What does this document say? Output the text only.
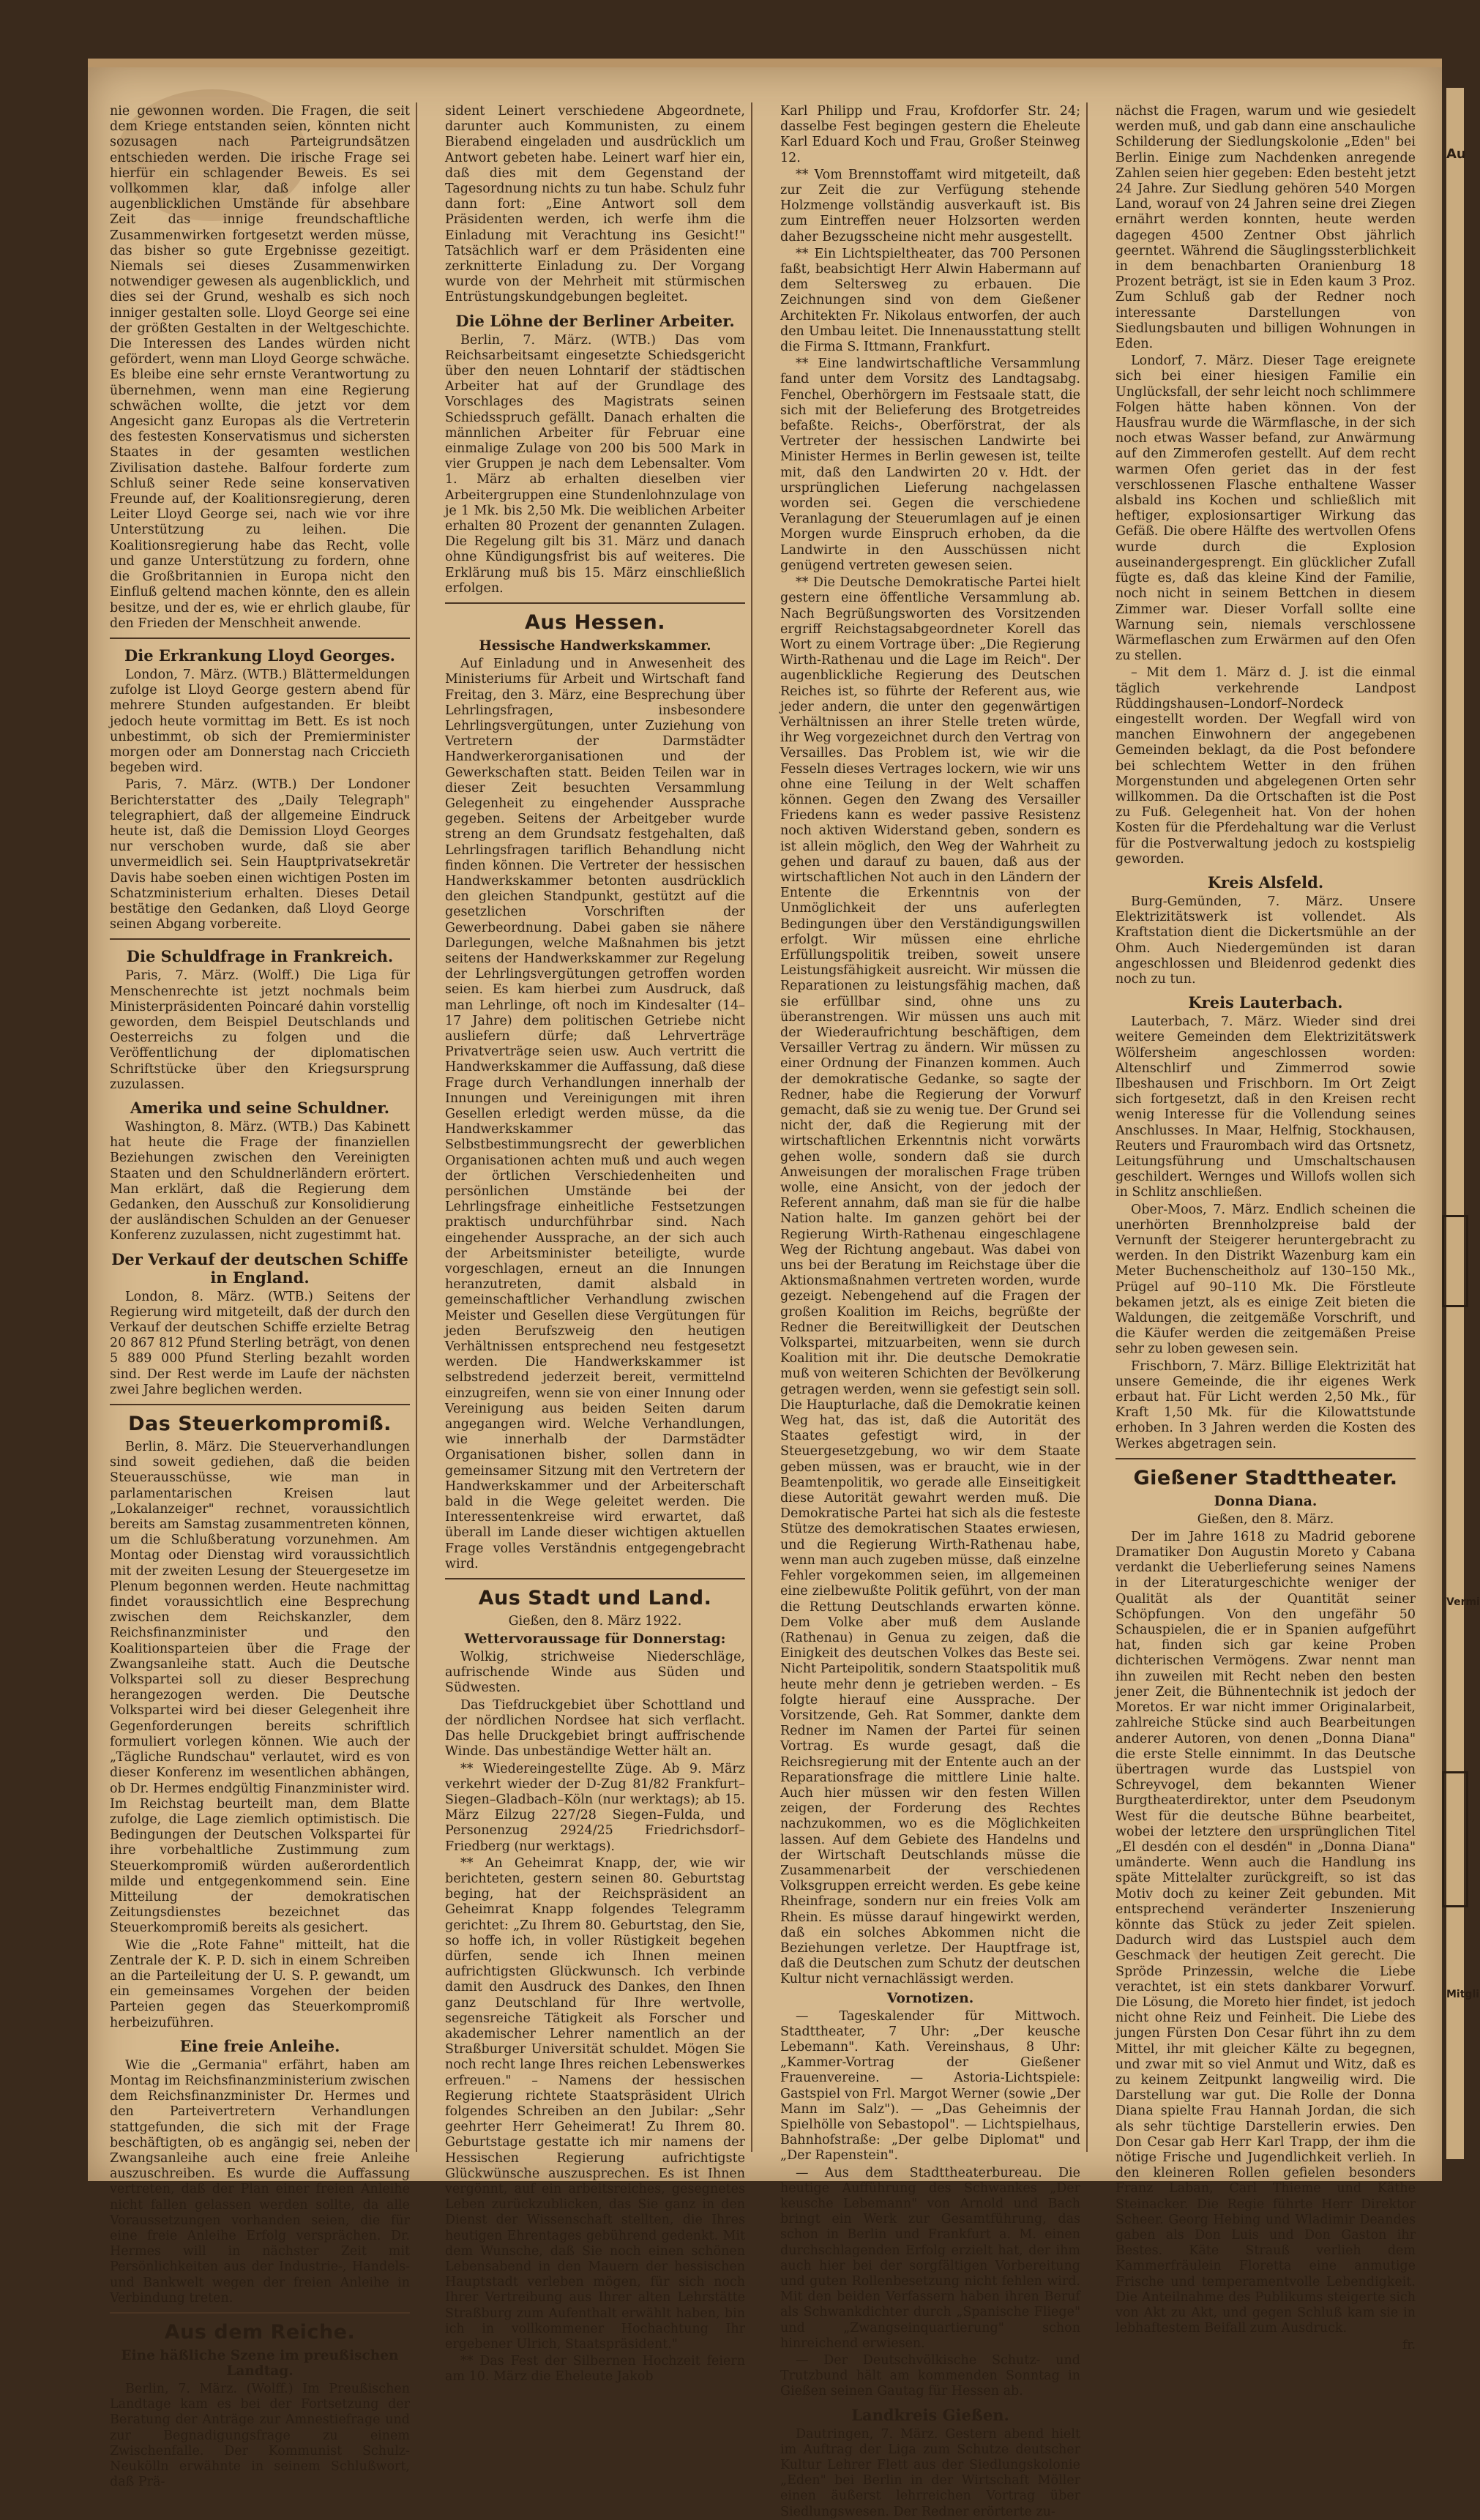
nie gewonnen worden. Die Fragen, die seit dem Kriege entstanden seien, könnten nicht sozusagen nach Parteigrundsätzen entschieden werden. Die irische Frage sei hierfür ein schlagender Beweis. Es sei vollkommen klar, daß infolge aller augenblicklichen Umstände für absehbare Zeit das innige freundschaftliche Zusammenwirken fortgesetzt werden müsse, das bisher so gute Ergebnisse gezeitigt. Niemals sei dieses Zusammenwirken notwendiger gewesen als augenblicklich, und dies sei der Grund, weshalb es sich noch inniger gestalten solle. Lloyd George sei eine der größten Gestalten in der Weltgeschichte. Die Interessen des Landes würden nicht gefördert, wenn man Lloyd George schwäche. Es bleibe eine sehr ernste Verantwortung zu übernehmen, wenn man eine Regierung schwächen wollte, die jetzt vor dem Angesicht ganz Europas als die Vertreterin des festesten Konservatismus und sichersten Staates in der gesamten westlichen Zivilisation dastehe. Balfour forderte zum Schluß seiner Rede seine konservativen Freunde auf, der Koalitionsregierung, deren Leiter Lloyd George sei, nach wie vor ihre Unterstützung zu leihen. Die Koalitionsregierung habe das Recht, volle und ganze Unterstützung zu fordern, ohne die Großbritannien in Europa nicht den Einfluß geltend machen könnte, den es allein besitze, und der es, wie er ehrlich glaube, für den Frieden der Menschheit anwende.

Die Erkrankung Lloyd Georges.

London, 7. März. (WTB.) Blättermeldungen zufolge ist Lloyd George gestern abend für mehrere Stunden aufgestanden. Er bleibt jedoch heute vormittag im Bett. Es ist noch unbestimmt, ob sich der Premierminister morgen oder am Donnerstag nach Criccieth begeben wird.

Paris, 7. März. (WTB.) Der Londoner Berichterstatter des „Daily Telegraph" telegraphiert, daß der allgemeine Eindruck heute ist, daß die Demission Lloyd Georges nur verschoben wurde, daß sie aber unvermeidlich sei. Sein Hauptprivatsekretär Davis habe soeben einen wichtigen Posten im Schatzministerium erhalten. Dieses Detail bestätige den Gedanken, daß Lloyd George seinen Abgang vorbereite.

Die Schuldfrage in Frankreich.

Paris, 7. März. (Wolff.) Die Liga für Menschenrechte ist jetzt nochmals beim Ministerpräsidenten Poincaré dahin vorstellig geworden, dem Beispiel Deutschlands und Oesterreichs zu folgen und die Veröffentlichung der diplomatischen Schriftstücke über den Kriegsursprung zuzulassen.

Amerika und seine Schuldner.

Washington, 8. März. (WTB.) Das Kabinett hat heute die Frage der finanziellen Beziehungen zwischen den Vereinigten Staaten und den Schuldnerländern erörtert. Man erklärt, daß die Regierung dem Gedanken, den Ausschuß zur Konsolidierung der ausländischen Schulden an der Genueser Konferenz zuzulassen, nicht zugestimmt hat.

Der Verkauf der deutschen Schiffe in England.

London, 8. März. (WTB.) Seitens der Regierung wird mitgeteilt, daß der durch den Verkauf der deutschen Schiffe erzielte Betrag 20 867 812 Pfund Sterling beträgt, von denen 5 889 000 Pfund Sterling bezahlt worden sind. Der Rest werde im Laufe der nächsten zwei Jahre beglichen werden.

Das Steuerkompromiß.

Berlin, 8. März. Die Steuerverhandlungen sind soweit gediehen, daß die beiden Steuerausschüsse, wie man in parlamentarischen Kreisen laut „Lokalanzeiger" rechnet, voraussichtlich bereits am Samstag zusammentreten können, um die Schlußberatung vorzunehmen. Am Montag oder Dienstag wird voraussichtlich mit der zweiten Lesung der Steuergesetze im Plenum begonnen werden. Heute nachmittag findet voraussichtlich eine Besprechung zwischen dem Reichskanzler, dem Reichsfinanzminister und den Koalitionsparteien über die Frage der Zwangsanleihe statt. Auch die Deutsche Volkspartei soll zu dieser Besprechung herangezogen werden. Die Deutsche Volkspartei wird bei dieser Gelegenheit ihre Gegenforderungen bereits schriftlich formuliert vorlegen können. Wie auch der „Tägliche Rundschau" verlautet, wird es von dieser Konferenz im wesentlichen abhängen, ob Dr. Hermes endgültig Finanzminister wird. Im Reichstag beurteilt man, dem Blatte zufolge, die Lage ziemlich optimistisch. Die Bedingungen der Deutschen Volkspartei für ihre vorbehaltliche Zustimmung zum Steuerkompromiß würden außerordentlich milde und entgegenkommend sein. Eine Mitteilung der demokratischen Zeitungsdienstes bezeichnet das Steuerkompromiß bereits als gesichert.

Wie die „Rote Fahne" mitteilt, hat die Zentrale der K. P. D. sich in einem Schreiben an die Parteileitung der U. S. P. gewandt, um ein gemeinsames Vorgehen der beiden Parteien gegen das Steuerkompromiß herbeizuführen.

Eine freie Anleihe.

Wie die „Germania" erfährt, haben am Montag im Reichsfinanzministerium zwischen dem Reichsfinanzminister Dr. Hermes und den Parteivertretern Verhandlungen stattgefunden, die sich mit der Frage beschäftigten, ob es angängig sei, neben der Zwangsanleihe auch eine freie Anleihe auszuschreiben. Es wurde die Auffassung vertreten, daß der Plan einer freien Anleihe nicht fallen gelassen werden sollte, da alle Voraussetzungen vorhanden seien, die für eine freie Anleihe Erfolg versprächen. Dr. Hermes will in nächster Zeit mit Persönlichkeiten aus der Industrie-, Handels- und Bankwelt wegen der freien Anleihe in Verbindung treten.

Aus dem Reiche.
Eine häßliche Szene im preußischen Landtag.

Berlin, 7. März. (Wolff.) Im Preußischen Landtage kam es bei der Fortsetzung der Beratung der Anträge zur Amnestiefrage und zur Begnadigungsfrage zu einem Zwischenfalle. Der Kommunist Schulz-Neukölln erwähnte in seinem Schlußwort, daß Prä-

sident Leinert verschiedene Abgeordnete, darunter auch Kommunisten, zu einem Bierabend eingeladen und ausdrücklich um Antwort gebeten habe. Leinert warf hier ein, daß dies mit dem Gegenstand der Tagesordnung nichts zu tun habe. Schulz fuhr dann fort: „Eine Antwort soll dem Präsidenten werden, ich werfe ihm die Einladung mit Verachtung ins Gesicht!" Tatsächlich warf er dem Präsidenten eine zerknitterte Einladung zu. Der Vorgang wurde von der Mehrheit mit stürmischen Entrüstungskundgebungen begleitet.

Die Löhne der Berliner Arbeiter.

Berlin, 7. März. (WTB.) Das vom Reichsarbeitsamt eingesetzte Schiedsgericht über den neuen Lohntarif der städtischen Arbeiter hat auf der Grundlage des Vorschlages des Magistrats seinen Schiedsspruch gefällt. Danach erhalten die männlichen Arbeiter für Februar eine einmalige Zulage von 200 bis 500 Mark in vier Gruppen je nach dem Lebensalter. Vom 1. März ab erhalten dieselben vier Arbeitergruppen eine Stundenlohnzulage von je 1 Mk. bis 2,50 Mk. Die weiblichen Arbeiter erhalten 80 Prozent der genannten Zulagen. Die Regelung gilt bis 31. März und danach ohne Kündigungsfrist bis auf weiteres. Die Erklärung muß bis 15. März einschließlich erfolgen.

Aus Hessen.
Hessische Handwerkskammer.

Auf Einladung und in Anwesenheit des Ministeriums für Arbeit und Wirtschaft fand Freitag, den 3. März, eine Besprechung über Lehrlingsfragen, insbesondere Lehrlingsvergütungen, unter Zuziehung von Vertretern der Darmstädter Handwerkerorganisationen und der Gewerkschaften statt. Beiden Teilen war in dieser Zeit besuchten Versammlung Gelegenheit zu eingehender Aussprache gegeben. Seitens der Arbeitgeber wurde streng an dem Grundsatz festgehalten, daß Lehrlingsfragen tariflich Behandlung nicht finden können. Die Vertreter der hessischen Handwerkskammer betonten ausdrücklich den gleichen Standpunkt, gestützt auf die gesetzlichen Vorschriften der Gewerbeordnung. Dabei gaben sie nähere Darlegungen, welche Maßnahmen bis jetzt seitens der Handwerkskammer zur Regelung der Lehrlingsvergütungen getroffen worden seien. Es kam hierbei zum Ausdruck, daß man Lehrlinge, oft noch im Kindesalter (14–17 Jahre) dem politischen Getriebe nicht ausliefern dürfe; daß Lehrverträge Privatverträge seien usw. Auch vertritt die Handwerkskammer die Auffassung, daß diese Frage durch Verhandlungen innerhalb der Innungen und Vereinigungen mit ihren Gesellen erledigt werden müsse, da die Handwerkskammer das Selbstbestimmungsrecht der gewerblichen Organisationen achten muß und auch wegen der örtlichen Verschiedenheiten und persönlichen Umstände bei der Lehrlingsfrage einheitliche Festsetzungen praktisch undurchführbar sind. Nach eingehender Aussprache, an der sich auch der Arbeitsminister beteiligte, wurde vorgeschlagen, erneut an die Innungen heranzutreten, damit alsbald in gemeinschaftlicher Verhandlung zwischen Meister und Gesellen diese Vergütungen für jeden Berufszweig den heutigen Verhältnissen entsprechend neu festgesetzt werden. Die Handwerkskammer ist selbstredend jederzeit bereit, vermittelnd einzugreifen, wenn sie von einer Innung oder Vereinigung aus beiden Seiten darum angegangen wird. Welche Verhandlungen, wie innerhalb der Darmstädter Organisationen bisher, sollen dann in gemeinsamer Sitzung mit den Vertretern der Handwerkskammer und der Arbeiterschaft bald in die Wege geleitet werden. Die Interessentenkreise wird erwartet, daß überall im Lande dieser wichtigen aktuellen Frage volles Verständnis entgegengebracht wird.

Aus Stadt und Land.
Gießen, den 8. März 1922.
Wettervoraussage für Donnerstag:

Wolkig, strichweise Niederschläge, aufrischende Winde aus Süden und Südwesten.

Das Tiefdruckgebiet über Schottland und der nördlichen Nordsee hat sich verflacht. Das helle Druckgebiet bringt auffrischende Winde. Das unbeständige Wetter hält an.

** Wiedereingestellte Züge. Ab 9. März verkehrt wieder der D-Zug 81/82 Frankfurt–Siegen–Gladbach–Köln (nur werktags); ab 15. März Eilzug 227/28 Siegen–Fulda, und Personenzug 2924/25 Friedrichsdorf–Friedberg (nur werktags).

** An Geheimrat Knapp, der, wie wir berichteten, gestern seinen 80. Geburtstag beging, hat der Reichspräsident an Geheimrat Knapp folgendes Telegramm gerichtet: „Zu Ihrem 80. Geburtstag, den Sie, so hoffe ich, in voller Rüstigkeit begehen dürfen, sende ich Ihnen meinen aufrichtigsten Glückwunsch. Ich verbinde damit den Ausdruck des Dankes, den Ihnen ganz Deutschland für Ihre wertvolle, segensreiche Tätigkeit als Forscher und akademischer Lehrer namentlich an der Straßburger Universität schuldet. Mögen Sie noch recht lange Ihres reichen Lebenswerkes erfreuen." – Namens der hessischen Regierung richtete Staatspräsident Ulrich folgendes Schreiben an den Jubilar: „Sehr geehrter Herr Geheimerat! Zu Ihrem 80. Geburtstage gestatte ich mir namens der Hessischen Regierung aufrichtigste Glückwünsche auszusprechen. Es ist Ihnen vergönnt, auf ein arbeitsreiches, gesegnetes Leben zurückzublicken, das Sie ganz in den Dienst der Wissenschaft stellten, die Ihres heutigen Ehrentages gebührend gedenkt. Mit dem Wunsche, daß Sie noch einen schönen Lebensabend in den Mauern der hessischen Hauptstadt verleben mögen, für sich noch Ihrer Vertreibung aus Ihrer alten Lehrstätte Straßburg zum Aufenthalt erwählt haben, bin ich in vollkommener Hochachtung Ihr ergebener Ulrich, Staatspräsident."

** Das Fest der Silbernen Hochzeit feiern am 10. März die Eheleute Jakob

Karl Philipp und Frau, Krofdorfer Str. 24; dasselbe Fest begingen gestern die Eheleute Karl Eduard Koch und Frau, Großer Steinweg 12.

** Vom Brennstoffamt wird mitgeteilt, daß zur Zeit die zur Verfügung stehende Holzmenge vollständig ausverkauft ist. Bis zum Eintreffen neuer Holzsorten werden daher Bezugsscheine nicht mehr ausgestellt.

** Ein Lichtspieltheater, das 700 Personen faßt, beabsichtigt Herr Alwin Habermann auf dem Seltersweg zu erbauen. Die Zeichnungen sind von dem Gießener Architekten Fr. Nikolaus entworfen, der auch den Umbau leitet. Die Innenausstattung stellt die Firma S. Ittmann, Frankfurt.

** Eine landwirtschaftliche Versammlung fand unter dem Vorsitz des Landtagsabg. Fenchel, Oberhörgern im Festsaale statt, die sich mit der Belieferung des Brotgetreides befaßte. Reichs-, Oberförstrat, der als Vertreter der hessischen Landwirte bei Minister Hermes in Berlin gewesen ist, teilte mit, daß den Landwirten 20 v. Hdt. der ursprünglichen Lieferung nachgelassen worden sei. Gegen die verschiedene Veranlagung der Steuerumlagen auf je einen Morgen wurde Einspruch erhoben, da die Landwirte in den Ausschüssen nicht genügend vertreten gewesen seien.

** Die Deutsche Demokratische Partei hielt gestern eine öffentliche Versammlung ab. Nach Begrüßungsworten des Vorsitzenden ergriff Reichstagsabgeordneter Korell das Wort zu einem Vortrage über: „Die Regierung Wirth-Rathenau und die Lage im Reich". Der augenblickliche Regierung des Deutschen Reiches ist, so führte der Referent aus, wie jeder andern, die unter den gegenwärtigen Verhältnissen an ihrer Stelle treten würde, ihr Weg vorgezeichnet durch den Vertrag von Versailles. Das Problem ist, wie wir die Fesseln dieses Vertrages lockern, wie wir uns ohne eine Teilung in der Welt schaffen können. Gegen den Zwang des Versailler Friedens kann es weder passive Resistenz noch aktiven Widerstand geben, sondern es ist allein möglich, den Weg der Wahrheit zu gehen und darauf zu bauen, daß aus der wirtschaftlichen Not auch in den Ländern der Entente die Erkenntnis von der Unmöglichkeit der uns auferlegten Bedingungen über den Verständigungswillen erfolgt. Wir müssen eine ehrliche Erfüllungspolitik treiben, soweit unsere Leistungsfähigkeit ausreicht. Wir müssen die Reparationen zu leistungsfähig machen, daß sie erfüllbar sind, ohne uns zu überanstrengen. Wir müssen uns auch mit der Wiederaufrichtung beschäftigen, dem Versailler Vertrag zu ändern. Wir müssen zu einer Ordnung der Finanzen kommen. Auch der demokratische Gedanke, so sagte der Redner, habe die Regierung der Vorwurf gemacht, daß sie zu wenig tue. Der Grund sei nicht der, daß die Regierung mit der wirtschaftlichen Erkenntnis nicht vorwärts gehen wolle, sondern daß sie durch Anweisungen der moralischen Frage trüben wolle, eine Ansicht, von der jedoch der Referent annahm, daß man sie für die halbe Nation halte. Im ganzen gehört bei der Regierung Wirth-Rathenau eingeschlagene Weg der Richtung angebaut. Was dabei von uns bei der Beratung im Reichstage über die Aktionsmaßnahmen vertreten worden, wurde gezeigt. Nebengehend auf die Fragen der großen Koalition im Reichs, begrüßte der Redner die Bereitwilligkeit der Deutschen Volkspartei, mitzuarbeiten, wenn sie durch Koalition mit ihr. Die deutsche Demokratie muß von weiteren Schichten der Bevölkerung getragen werden, wenn sie gefestigt sein soll. Die Haupturlache, daß die Demokratie keinen Weg hat, das ist, daß die Autorität des Staates gefestigt wird, in der Steuergesetzgebung, wo wir dem Staate geben müssen, was er braucht, wie in der Beamtenpolitik, wo gerade alle Einseitigkeit diese Autorität gewahrt werden muß. Die Demokratische Partei hat sich als die festeste Stütze des demokratischen Staates erwiesen, und die Regierung Wirth-Rathenau habe, wenn man auch zugeben müsse, daß einzelne Fehler vorgekommen seien, im allgemeinen eine zielbewußte Politik geführt, von der man die Rettung Deutschlands erwarten könne. Dem Volke aber muß dem Auslande (Rathenau) in Genua zu zeigen, daß die Einigkeit des deutschen Volkes das Beste sei. Nicht Parteipolitik, sondern Staatspolitik muß heute mehr denn je getrieben werden. – Es folgte hierauf eine Aussprache. Der Vorsitzende, Geh. Rat Sommer, dankte dem Redner im Namen der Partei für seinen Vortrag. Es wurde gesagt, daß die Reichsregierung mit der Entente auch an der Reparationsfrage die mittlere Linie halte. Auch hier müssen wir den festen Willen zeigen, der Forderung des Rechtes nachzukommen, wo es die Möglichkeiten lassen. Auf dem Gebiete des Handelns und der Wirtschaft Deutschlands müsse die Zusammenarbeit der verschiedenen Volksgruppen erreicht werden. Es gebe keine Rheinfrage, sondern nur ein freies Volk am Rhein. Es müsse darauf hingewirkt werden, daß ein solches Abkommen nicht die Beziehungen verletze. Der Hauptfrage ist, daß die Deutschen zum Schutz der deutschen Kultur nicht vernachlässigt werden.

Vornotizen.

— Tageskalender für Mittwoch. Stadttheater, 7 Uhr: „Der keusche Lebemann". Kath. Vereinshaus, 8 Uhr: „Kammer-Vortrag der Gießener Frauenvereine. — Astoria-Lichtspiele: Gastspiel von Frl. Margot Werner (sowie „Der Mann im Salz"). — „Das Geheimnis der Spielhölle von Sebastopol". — Lichtspielhaus, Bahnhofstraße: „Der gelbe Diplomat" und „Der Rapenstein".

— Aus dem Stadttheaterbureau. Die heutige Aufführung des Schwankes „Der keusche Lebemann" von Arnold und Bach bringt ein Werk zur Gesamtführung, das schon in Berlin und Frankfurt a. M. einen durchschlagenden Erfolg erzielt hat, der ihm auch hier bei der sorgfältigen Vorbereitung und guten Rollenbesetzung nicht fehlen wird. Mit den beiden Verfassern haben ihren Beruf als Schwankdichter durch „Spanische Fliege" und „Zwangseinquartierung" schon hinreichend erwiesen.

— Der Deutschvölkische Schutz- und Trutzbund hält am kommenden Sonntag in Gießen seinen Gautag für Hessen ab.

Landkreis Gießen.

Dautringen, 7. März. Gestern abend hielt im Auftrag der Liga zum Schutze deutscher Kultur Lehrer Flett aus der Siedlungskolonie „Eden" bei Berlin in der Wirtschaft Möller einen äußerst lehrreichen Vortrag über Siedlungswesen. Der Redner erörterte zu-

nächst die Fragen, warum und wie gesiedelt werden muß, und gab dann eine anschauliche Schilderung der Siedlungskolonie „Eden" bei Berlin. Einige zum Nachdenken anregende Zahlen seien hier gegeben: Eden besteht jetzt 24 Jahre. Zur Siedlung gehören 540 Morgen Land, worauf von 24 Jahren seine drei Ziegen ernährt werden konnten, heute werden dagegen 4500 Zentner Obst jährlich geerntet. Während die Säuglingssterblichkeit in dem benachbarten Oranienburg 18 Prozent beträgt, ist sie in Eden kaum 3 Proz. Zum Schluß gab der Redner noch interessante Darstellungen von Siedlungsbauten und billigen Wohnungen in Eden.

Londorf, 7. März. Dieser Tage ereignete sich bei einer hiesigen Familie ein Unglücksfall, der sehr leicht noch schlimmere Folgen hätte haben können. Von der Hausfrau wurde die Wärmflasche, in der sich noch etwas Wasser befand, zur Anwärmung auf den Zimmerofen gestellt. Auf dem recht warmen Ofen geriet das in der fest verschlossenen Flasche enthaltene Wasser alsbald ins Kochen und schließlich mit heftiger, explosionsartiger Wirkung das Gefäß. Die obere Hälfte des wertvollen Ofens wurde durch die Explosion auseinandergesprengt. Ein glücklicher Zufall fügte es, daß das kleine Kind der Familie, noch nicht in seinem Bettchen in diesem Zimmer war. Dieser Vorfall sollte eine Warnung sein, niemals verschlossene Wärmeflaschen zum Erwärmen auf den Ofen zu stellen.

– Mit dem 1. März d. J. ist die einmal täglich verkehrende Landpost Rüddingshausen–Londorf–Nordeck eingestellt worden. Der Wegfall wird von manchen Einwohnern der angegebenen Gemeinden beklagt, da die Post befondere bei schlechtem Wetter in den frühen Morgenstunden und abgelegenen Orten sehr willkommen. Da die Ortschaften ist die Post zu Fuß. Gelegenheit hat. Von der hohen Kosten für die Pferdehaltung war die Verlust für die Postverwaltung jedoch zu kostspielig geworden.

Kreis Alsfeld.

Burg-Gemünden, 7. März. Unsere Elektrizitätswerk ist vollendet. Als Kraftstation dient die Dickertsmühle an der Ohm. Auch Niedergemünden ist daran angeschlossen und Bleidenrod gedenkt dies noch zu tun.

Kreis Lauterbach.

Lauterbach, 7. März. Wieder sind drei weitere Gemeinden dem Elektrizitätswerk Wölfersheim angeschlossen worden: Altenschlirf und Zimmerrod sowie Ilbeshausen und Frischborn. Im Ort Zeigt sich fortgesetzt, daß in den Kreisen recht wenig Interesse für die Vollendung seines Anschlusses. In Maar, Helfnig, Stockhausen, Reuters und Fraurombach wird das Ortsnetz, Leitungsführung und Umschaltschausen geschildert. Wernges und Willofs wollen sich in Schlitz anschließen.

Ober-Moos, 7. März. Endlich scheinen die unerhörten Brennholzpreise bald der Vernunft der Steigerer heruntergebracht zu werden. In den Distrikt Wazenburg kam ein Meter Buchenscheitholz auf 130–150 Mk., Prügel auf 90–110 Mk. Die Förstleute bekamen jetzt, als es einige Zeit bieten die Waldungen, die zeitgemäße Vorschrift, und die Käufer werden die zeitgemäßen Preise sehr zu loben gewesen sein.

Frischborn, 7. März. Billige Elektrizität hat unsere Gemeinde, die ihr eigenes Werk erbaut hat. Für Licht werden 2,50 Mk., für Kraft 1,50 Mk. für die Kilowattstunde erhoben. In 3 Jahren werden die Kosten des Werkes abgetragen sein.

Gießener Stadttheater.
Donna Diana.
Gießen, den 8. März.

Der im Jahre 1618 zu Madrid geborene Dramatiker Don Augustin Moreto y Cabana verdankt die Ueberlieferung seines Namens in der Literaturgeschichte weniger der Qualität als der Quantität seiner Schöpfungen. Von den ungefähr 50 Schauspielen, die er in Spanien aufgeführt hat, finden sich gar keine Proben dichterischen Vermögens. Zwar nennt man ihn zuweilen mit Recht neben den besten jener Zeit, die Bühnentechnik ist jedoch der Moretos. Er war nicht immer Originalarbeit, zahlreiche Stücke sind auch Bearbeitungen anderer Autoren, von denen „Donna Diana" die erste Stelle einnimmt. In das Deutsche übertragen wurde das Lustspiel von Schreyvogel, dem bekannten Wiener Burgtheaterdirektor, unter dem Pseudonym West für die deutsche Bühne bearbeitet, wobei der letztere den ursprünglichen Titel „El desdén con el desdén" in „Donna Diana" umänderte. Wenn auch die Handlung ins späte Mittelalter zurückgreift, so ist das Motiv doch zu keiner Zeit gebunden. Mit entsprechend veränderter Inszenierung könnte das Stück zu jeder Zeit spielen. Dadurch wird das Lustspiel auch dem Geschmack der heutigen Zeit gerecht. Die Spröde Prinzessin, welche die Liebe verachtet, ist ein stets dankbarer Vorwurf. Die Lösung, die Moreto hier findet, ist jedoch nicht ohne Reiz und Feinheit. Die Liebe des jungen Fürsten Don Cesar führt ihn zu dem Mittel, ihr mit gleicher Kälte zu begegnen, und zwar mit so viel Anmut und Witz, daß es zu keinem Zeitpunkt langweilig wird. Die Darstellung war gut. Die Rolle der Donna Diana spielte Frau Hannah Jordan, die sich als sehr tüchtige Darstellerin erwies. Den Don Cesar gab Herr Karl Trapp, der ihm die nötige Frische und Jugendlichkeit verlieh. In den kleineren Rollen gefielen besonders Franz Laban, Carl Thieme und Käthe Steinacker. Die Regie führte Herr Direktor Scheer. Georg Hebing und Wladimir Deandes gaben als Don Luis und Don Gaston ihr Bestes. Käte Strauß verlieh dem Kammerfräulein Floretta eine anmutige Frische und temperamentvolle Lebendigkeit. Die Anteilnahme des Publikums steigerte sich von Akt zu Akt, und gegen Schluß kam sie in lebhaftestem Beifall zum Ausdruck.

fr.
Au
Vermi
Mitgli
